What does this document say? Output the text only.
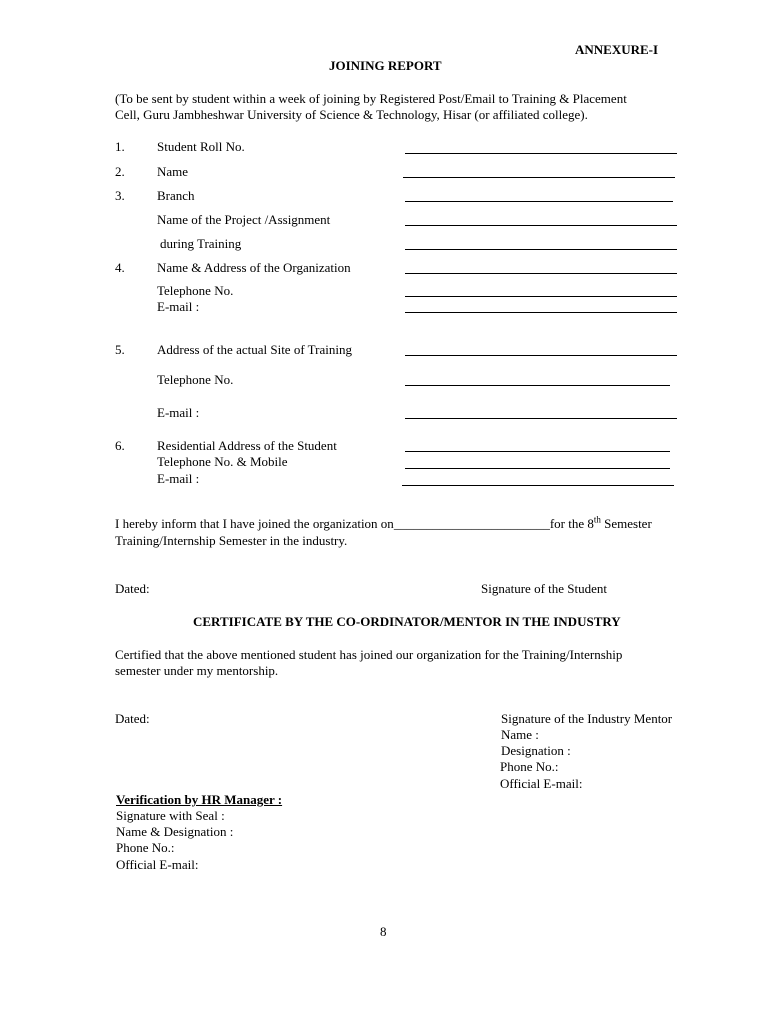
ANNEXURE-I
JOINING REPORT
(To be sent by student within a week of joining by Registered Post/Email to Training & Placement
Cell, Guru Jambheshwar University of Science & Technology, Hisar (or affiliated college).
1. Student Roll No.
2. Name
3. Branch
Name of the Project /Assignment
during Training
4. Name & Address of the Organization
Telephone No.
E-mail :
5. Address of the actual Site of Training
Telephone No.
E-mail :
6. Residential Address of the Student
Telephone No. & Mobile
E-mail :
I hereby inform that I have joined the organization on________________________for the 8th Semester
Training/Internship Semester in the industry.
Dated:	Signature of the Student
CERTIFICATE BY THE CO-ORDINATOR/MENTOR IN THE INDUSTRY
Certified that the above mentioned student has joined our organization for the Training/Internship
semester under my mentorship.
Dated:	Signature of the Industry Mentor
Name :
Designation :
Phone No.:
Official E-mail:
Verification by HR Manager :
Signature with Seal :
Name & Designation :
Phone No.:
Official E-mail:
8
